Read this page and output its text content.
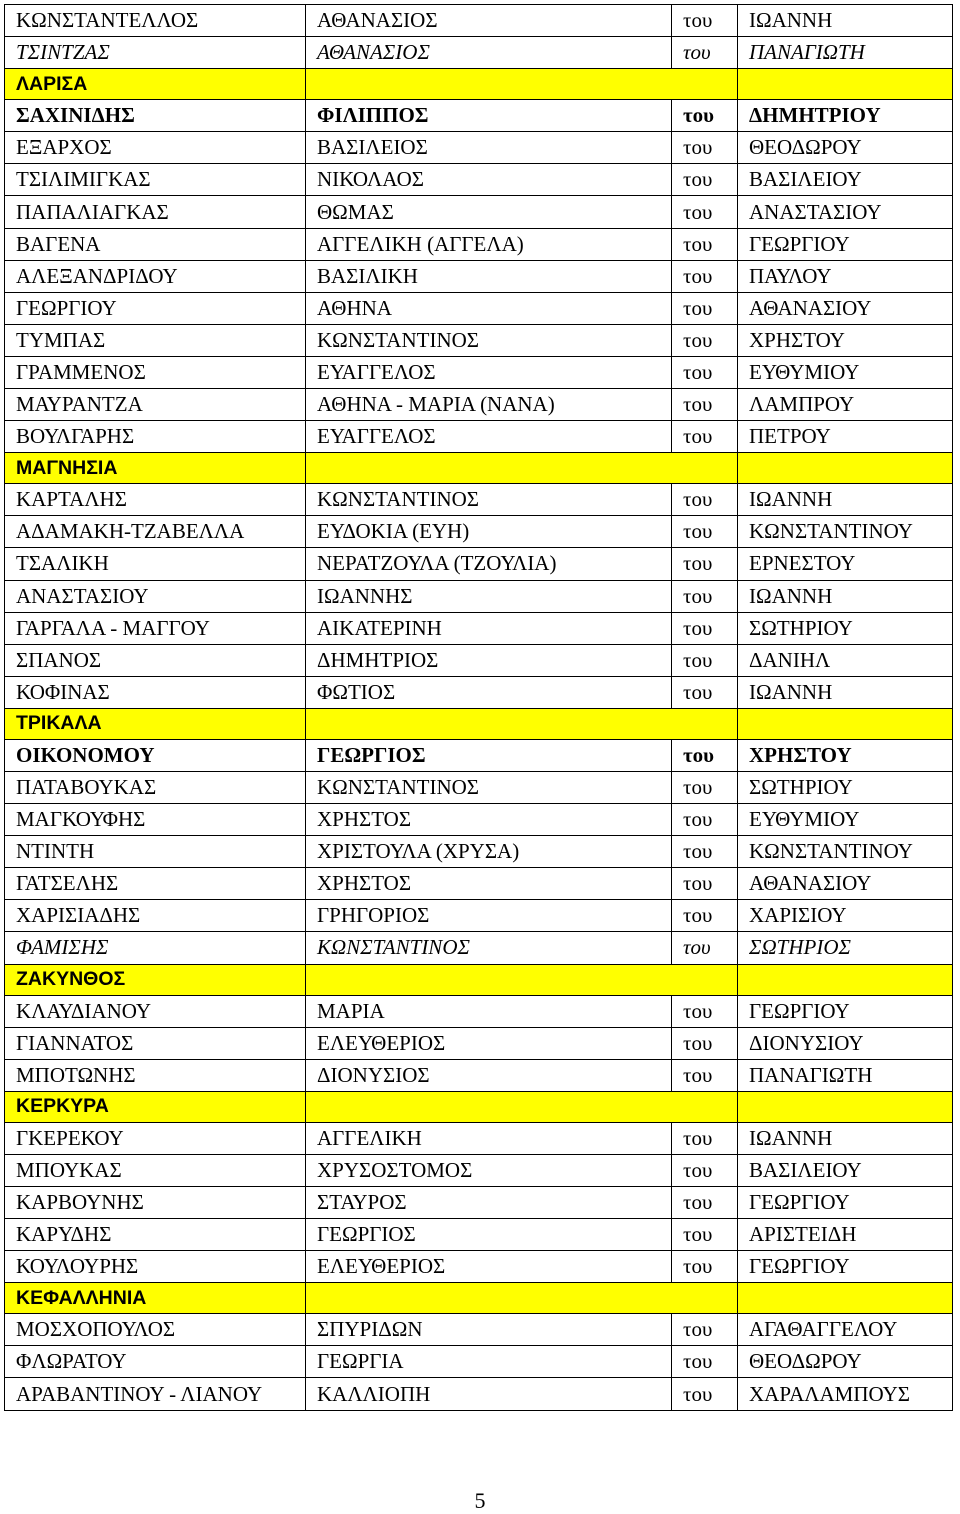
ΚΩΝΣΤΑΝΤΕΛΛΟΣ	ΑΘΑΝΑΣΙΟΣ	του	ΙΩΑΝΝΗ
ΤΣΙΝΤΖΑΣ	ΑΘΑΝΑΣΙΟΣ	του	ΠΑΝΑΓΙΩΤΗ
ΛΑΡΙΣΑ			
ΣΑΧΙΝΙΔΗΣ	ΦΙΛΙΠΠΟΣ	του	ΔΗΜΗΤΡΙΟΥ
ΕΞΑΡΧΟΣ	ΒΑΣΙΛΕΙΟΣ	του	ΘΕΟΔΩΡΟΥ
ΤΣΙΛΙΜΙΓΚΑΣ	ΝΙΚΟΛΑΟΣ	του	ΒΑΣΙΛΕΙΟΥ
ΠΑΠΑΛΙΑΓΚΑΣ	ΘΩΜΑΣ	του	ΑΝΑΣΤΑΣΙΟΥ
ΒΑΓΕΝΑ	ΑΓΓΕΛΙΚΗ (ΑΓΓΕΛΑ)	του	ΓΕΩΡΓΙΟΥ
ΑΛΕΞΑΝΔΡΙΔΟΥ	ΒΑΣΙΛΙΚΗ	του	ΠΑΥΛΟΥ
ΓΕΩΡΓΙΟΥ	ΑΘΗΝΑ	του	ΑΘΑΝΑΣΙΟΥ
ΤΥΜΠΑΣ	ΚΩΝΣΤΑΝΤΙΝΟΣ	του	ΧΡΗΣΤΟΥ
ΓΡΑΜΜΕΝΟΣ	ΕΥΑΓΓΕΛΟΣ	του	ΕΥΘΥΜΙΟΥ
ΜΑΥΡΑΝΤΖΑ	ΑΘΗΝΑ - ΜΑΡΙΑ (ΝΑΝΑ)	του	ΛΑΜΠΡΟΥ
ΒΟΥΛΓΑΡΗΣ	ΕΥΑΓΓΕΛΟΣ	του	ΠΕΤΡΟΥ
ΜΑΓΝΗΣΙΑ			
ΚΑΡΤΑΛΗΣ	ΚΩΝΣΤΑΝΤΙΝΟΣ	του	ΙΩΑΝΝΗ
ΑΔΑΜΑΚΗ-ΤΖΑΒΕΛΛΑ	ΕΥΔΟΚΙΑ (ΕΥΗ)	του	ΚΩΝΣΤΑΝΤΙΝΟΥ
ΤΣΑΛΙΚΗ	ΝΕΡΑΤΖΟΥΛΑ (ΤΖΟΥΛΙΑ)	του	ΕΡΝΕΣΤΟΥ
ΑΝΑΣΤΑΣΙΟΥ	ΙΩΑΝΝΗΣ	του	ΙΩΑΝΝΗ
ΓΑΡΓΑΛΑ - ΜΑΓΓΟΥ	ΑΙΚΑΤΕΡΙΝΗ	του	ΣΩΤΗΡΙΟΥ
ΣΠΑΝΟΣ	ΔΗΜΗΤΡΙΟΣ	του	ΔΑΝΙΗΛ
ΚΟΦΙΝΑΣ	ΦΩΤΙΟΣ	του	ΙΩΑΝΝΗ
ΤΡΙΚΑΛΑ			
ΟΙΚΟΝΟΜΟΥ	ΓΕΩΡΓΙΟΣ	του	ΧΡΗΣΤΟΥ
ΠΑΤΑΒΟΥΚΑΣ	ΚΩΝΣΤΑΝΤΙΝΟΣ	του	ΣΩΤΗΡΙΟΥ
ΜΑΓΚΟΥΦΗΣ	ΧΡΗΣΤΟΣ	του	ΕΥΘΥΜΙΟΥ
ΝΤΙΝΤΗ	ΧΡΙΣΤΟΥΛΑ (ΧΡΥΣΑ)	του	ΚΩΝΣΤΑΝΤΙΝΟΥ
ΓΑΤΣΕΛΗΣ	ΧΡΗΣΤΟΣ	του	ΑΘΑΝΑΣΙΟΥ
ΧΑΡΙΣΙΑΔΗΣ	ΓΡΗΓΟΡΙΟΣ	του	ΧΑΡΙΣΙΟΥ
ΦΑΜΙΣΗΣ	ΚΩΝΣΤΑΝΤΙΝΟΣ	του	ΣΩΤΗΡΙΟΣ
ΖΑΚΥΝΘΟΣ			
ΚΛΑΥΔΙΑΝΟΥ	ΜΑΡΙΑ	του	ΓΕΩΡΓΙΟΥ
ΓΙΑΝΝΑΤΟΣ	ΕΛΕΥΘΕΡΙΟΣ	του	ΔΙΟΝΥΣΙΟΥ
ΜΠΟΤΩΝΗΣ	ΔΙΟΝΥΣΙΟΣ	του	ΠΑΝΑΓΙΩΤΗ
ΚΕΡΚΥΡΑ			
ΓΚΕΡΕΚΟΥ	ΑΓΓΕΛΙΚΗ	του	ΙΩΑΝΝΗ
ΜΠΟΥΚΑΣ	ΧΡΥΣΟΣΤΟΜΟΣ	του	ΒΑΣΙΛΕΙΟΥ
ΚΑΡΒΟΥΝΗΣ	ΣΤΑΥΡΟΣ	του	ΓΕΩΡΓΙΟΥ
ΚΑΡΥΔΗΣ	ΓΕΩΡΓΙΟΣ	του	ΑΡΙΣΤΕΙΔΗ
ΚΟΥΛΟΥΡΗΣ	ΕΛΕΥΘΕΡΙΟΣ	του	ΓΕΩΡΓΙΟΥ
ΚΕΦΑΛΛΗΝΙΑ			
ΜΟΣΧΟΠΟΥΛΟΣ	ΣΠΥΡΙΔΩΝ	του	ΑΓΑΘΑΓΓΕΛΟΥ
ΦΛΩΡΑΤΟΥ	ΓΕΩΡΓΙΑ	του	ΘΕΟΔΩΡΟΥ
ΑΡΑΒΑΝΤΙΝΟΥ - ΛΙΑΝΟΥ	ΚΑΛΛΙΟΠΗ	του	ΧΑΡΑΛΑΜΠΟΥΣ
5
